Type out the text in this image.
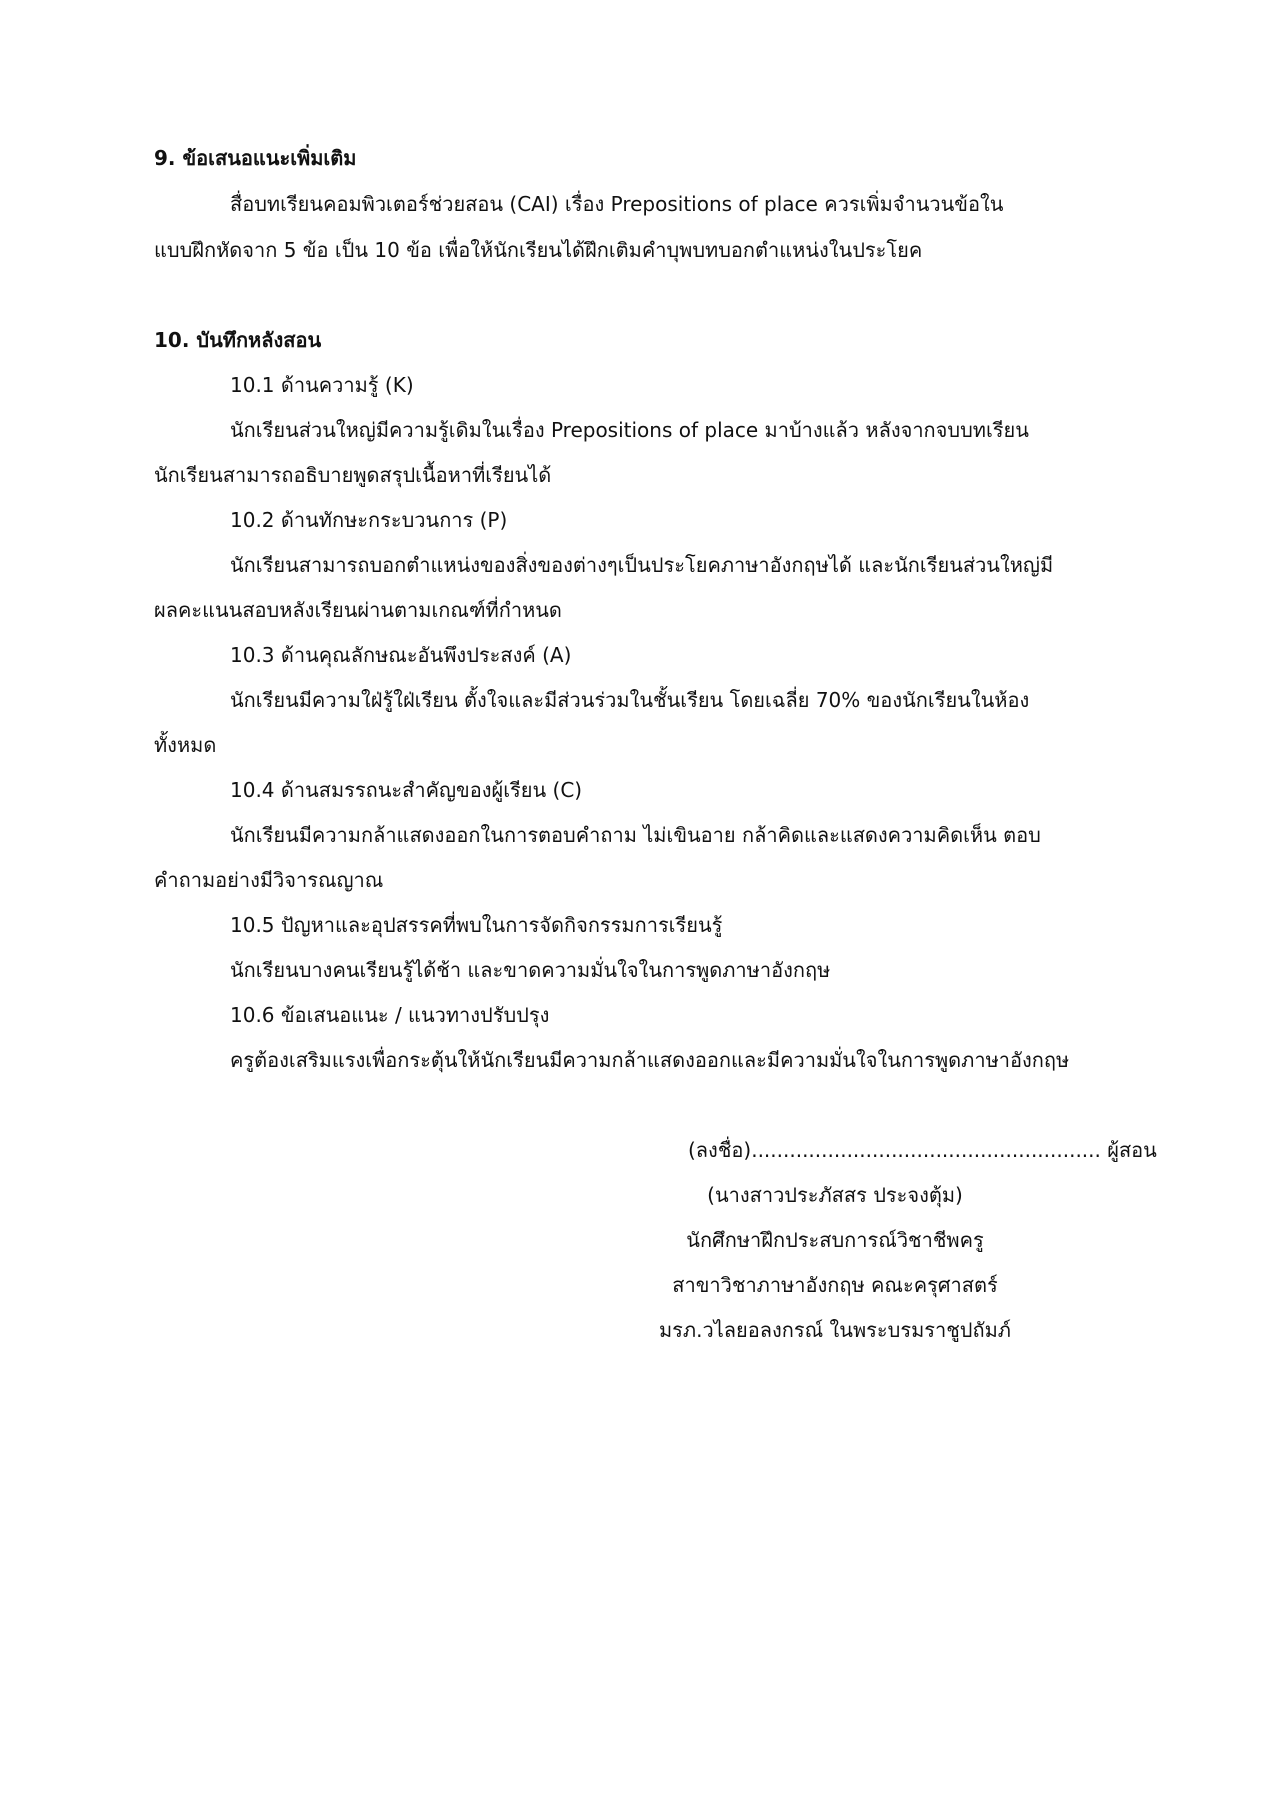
9. ข้อเสนอแนะเพิ่มเติม
สื่อบทเรียนคอมพิวเตอร์ช่วยสอน (CAI) เรื่อง Prepositions of place ควรเพิ่มจำนวนข้อใน
แบบฝึกหัดจาก 5 ข้อ เป็น 10 ข้อ เพื่อให้นักเรียนได้ฝึกเติมคำบุพบทบอกตำแหน่งในประโยค
10. บันทึกหลังสอน
10.1 ด้านความรู้ (K)
นักเรียนส่วนใหญ่มีความรู้เดิมในเรื่อง Prepositions of place มาบ้างแล้ว หลังจากจบบทเรียน
นักเรียนสามารถอธิบายพูดสรุปเนื้อหาที่เรียนได้
10.2 ด้านทักษะกระบวนการ (P)
นักเรียนสามารถบอกตำแหน่งของสิ่งของต่างๆเป็นประโยคภาษาอังกฤษได้ และนักเรียนส่วนใหญ่มี
ผลคะแนนสอบหลังเรียนผ่านตามเกณฑ์ที่กำหนด
10.3 ด้านคุณลักษณะอันพึงประสงค์ (A)
นักเรียนมีความใฝ่รู้ใฝ่เรียน ตั้งใจและมีส่วนร่วมในชั้นเรียน โดยเฉลี่ย 70% ของนักเรียนในห้อง
ทั้งหมด
10.4 ด้านสมรรถนะสำคัญของผู้เรียน (C)
นักเรียนมีความกล้าแสดงออกในการตอบคำถาม ไม่เขินอาย กล้าคิดและแสดงความคิดเห็น ตอบ
คำถามอย่างมีวิจารณญาณ
10.5 ปัญหาและอุปสรรคที่พบในการจัดกิจกรรมการเรียนรู้
นักเรียนบางคนเรียนรู้ได้ช้า และขาดความมั่นใจในการพูดภาษาอังกฤษ
10.6 ข้อเสนอแนะ / แนวทางปรับปรุง
ครูต้องเสริมแรงเพื่อกระตุ้นให้นักเรียนมีความกล้าแสดงออกและมีความมั่นใจในการพูดภาษาอังกฤษ
(ลงชื่อ)....................................................... ผู้สอน
(นางสาวประภัสสร ประจงตุ้ม)
นักศึกษาฝึกประสบการณ์วิชาชีพครู
สาขาวิชาภาษาอังกฤษ คณะครุศาสตร์
มรภ.วไลยอลงกรณ์ ในพระบรมราชูปถัมภ์
